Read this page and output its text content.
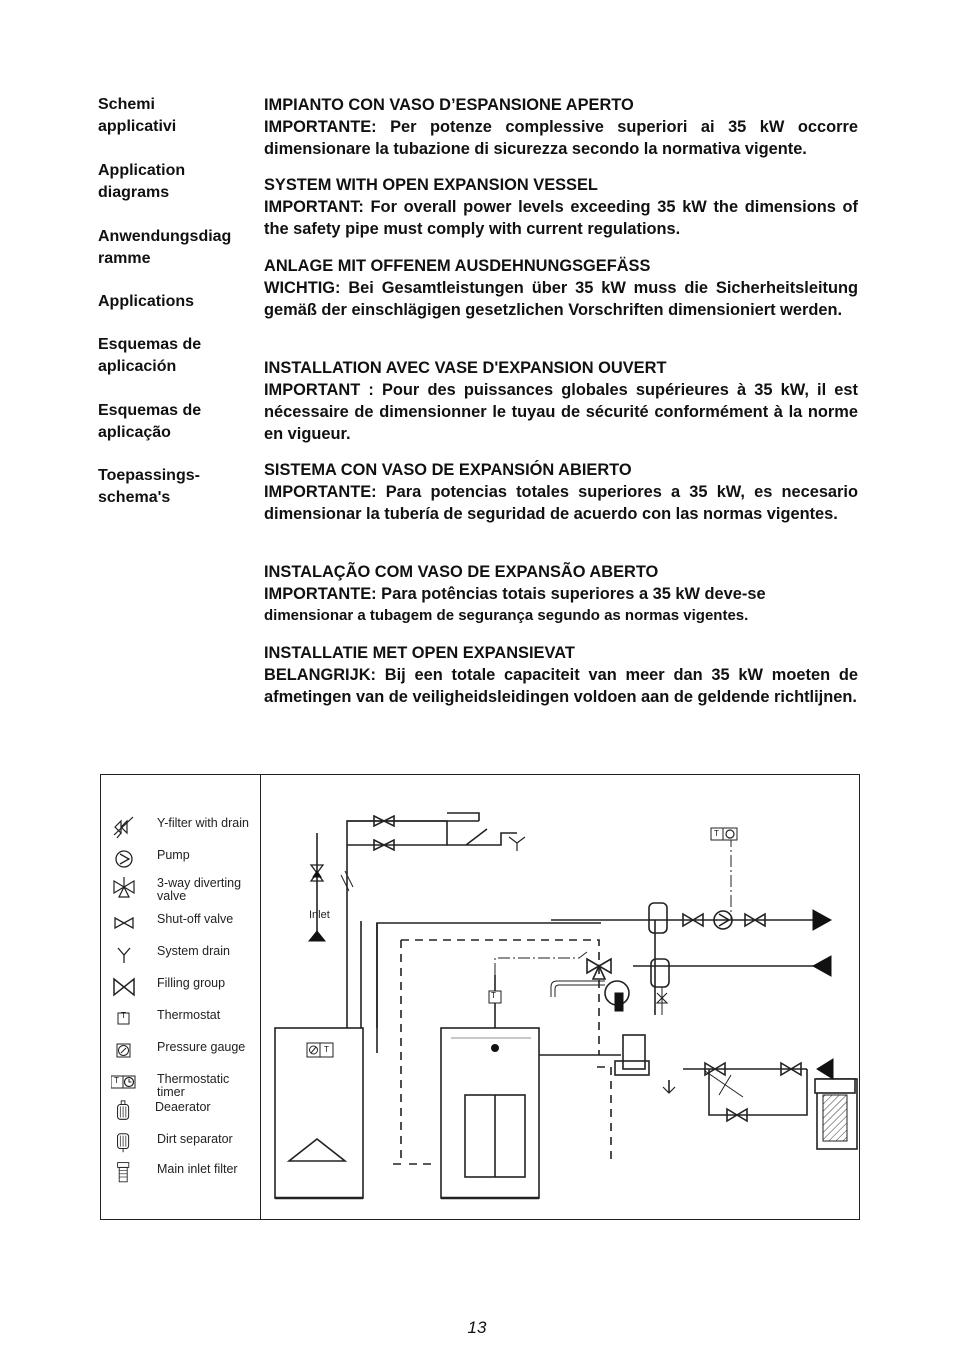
Schemi
applicativi
Application
diagrams
Anwendungsdiag
ramme
Applications
Esquemas de
aplicación
Esquemas de
aplicação
Toepassings-
schema's
IMPIANTO CON VASO D’ESPANSIONE APERTO

IMPORTANTE: Per potenze complessive superiori ai 35 kW occorre dimensionare la tubazione di sicurezza secondo la normativa vigente.

SYSTEM WITH OPEN EXPANSION VESSEL

IMPORTANT: For overall power levels exceeding 35 kW the dimensions of the safety pipe must comply with current regulations.

ANLAGE MIT OFFENEM AUSDEHNUNGSGEFÄSS

WICHTIG: Bei Gesamtleistungen über 35 kW muss die Sicherheitsleitung gemäß der einschlägigen gesetzlichen Vorschriften dimensioniert werden.

INSTALLATION AVEC VASE D'EXPANSION OUVERT

IMPORTANT : Pour des puissances globales supérieures à 35 kW, il est nécessaire de dimensionner le tuyau de sécurité conformément à la norme en vigueur.

SISTEMA CON VASO DE EXPANSIÓN ABIERTO

IMPORTANTE: Para potencias totales superiores a 35 kW, es necesario dimensionar la tubería de seguridad de acuerdo con las normas vigentes.

INSTALAÇÃO COM VASO DE EXPANSÃO ABERTO

IMPORTANTE: Para potências totais superiores a 35 kW deve-se

dimensionar a tubagem de segurança segundo as normas vigentes.

INSTALLATIE MET OPEN EXPANSIEVAT

BELANGRIJK: Bij een totale capaciteit van meer dan 35 kW moeten de afmetingen van de veiligheidsleidingen voldoen aan de geldende richtlijnen.

Y-filter with drain
Pump
3-way diverting
valve
Shut-off valve
System drain
Filling group
T Thermostat
Pressure gauge
T	Thermostatic timer
Deaerator
Dirt separator
Main inlet filter
T
T
T
Inlet
13
